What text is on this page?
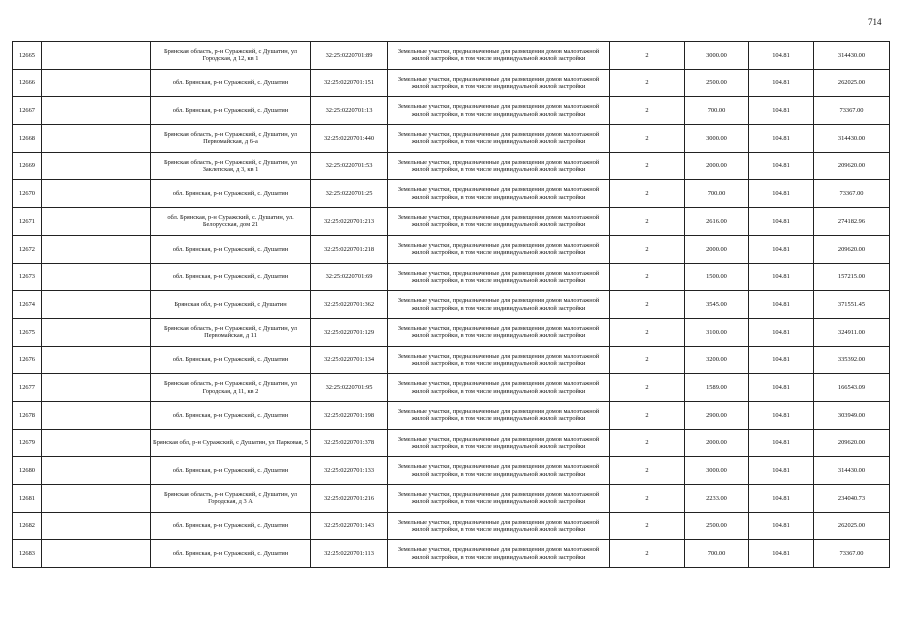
714
12665		Брянская область, р-н Суражский, с Душатин, ул Городская, д 12, кв 1	32:25:0220701:89	Земельные участки, предназначенные для размещения домов малоэтажной жилой застройки, в том числе индивидуальной жилой застройки	2	3000.00	104.81	314430.00
12666		обл. Брянская, р-н Суражский, с. Душатин	32:25:0220701:151	Земельные участки, предназначенные для размещения домов малоэтажной жилой застройки, в том числе индивидуальной жилой застройки	2	2500.00	104.81	262025.00
12667		обл. Брянская, р-н Суражский, с. Душатин	32:25:0220701:13	Земельные участки, предназначенные для размещения домов малоэтажной жилой застройки, в том числе индивидуальной жилой застройки	2	700.00	104.81	73367.00
12668		Брянская область, р-н Суражский, с Душатин, ул Первомайская, д 6-а	32:25:0220701:440	Земельные участки, предназначенные для размещения домов малоэтажной жилой застройки, в том числе индивидуальной жилой застройки	2	3000.00	104.81	314430.00
12669		Брянская область, р-н Суражский, с Душатин, ул Заклепская, д 3, кв 1	32:25:0220701:53	Земельные участки, предназначенные для размещения домов малоэтажной жилой застройки, в том числе индивидуальной жилой застройки	2	2000.00	104.81	209620.00
12670		обл. Брянская, р-н Суражский, с. Душатин	32:25:0220701:25	Земельные участки, предназначенные для размещения домов малоэтажной жилой застройки, в том числе индивидуальной жилой застройки	2	700.00	104.81	73367.00
12671		обл. Брянская, р-н Суражский, с. Душатин, ул. Белорусская, дом 21	32:25:0220701:213	Земельные участки, предназначенные для размещения домов малоэтажной жилой застройки, в том числе индивидуальной жилой застройки	2	2616.00	104.81	274182.96
12672		обл. Брянская, р-н Суражский, с. Душатин	32:25:0220701:218	Земельные участки, предназначенные для размещения домов малоэтажной жилой застройки, в том числе индивидуальной жилой застройки	2	2000.00	104.81	209620.00
12673		обл. Брянская, р-н Суражский, с. Душатин	32:25:0220701:69	Земельные участки, предназначенные для размещения домов малоэтажной жилой застройки, в том числе индивидуальной жилой застройки	2	1500.00	104.81	157215.00
12674		Брянская обл, р-н Суражский, с Душатин	32:25:0220701:362	Земельные участки, предназначенные для размещения домов малоэтажной жилой застройки, в том числе индивидуальной жилой застройки	2	3545.00	104.81	371551.45
12675		Брянская область, р-н Суражский, с Душатин, ул Первомайская, д 11	32:25:0220701:129	Земельные участки, предназначенные для размещения домов малоэтажной жилой застройки, в том числе индивидуальной жилой застройки	2	3100.00	104.81	324911.00
12676		обл. Брянская, р-н Суражский, с. Душатин	32:25:0220701:134	Земельные участки, предназначенные для размещения домов малоэтажной жилой застройки, в том числе индивидуальной жилой застройки	2	3200.00	104.81	335392.00
12677		Брянская область, р-н Суражский, с Душатин, ул Городская, д 11, кв 2	32:25:0220701:95	Земельные участки, предназначенные для размещения домов малоэтажной жилой застройки, в том числе индивидуальной жилой застройки	2	1589.00	104.81	166543.09
12678		обл. Брянская, р-н Суражский, с. Душатин	32:25:0220701:198	Земельные участки, предназначенные для размещения домов малоэтажной жилой застройки, в том числе индивидуальной жилой застройки	2	2900.00	104.81	303949.00
12679		Брянская обл, р-н Суражский, с Душатин, ул Парковая, 5	32:25:0220701:378	Земельные участки, предназначенные для размещения домов малоэтажной жилой застройки, в том числе индивидуальной жилой застройки	2	2000.00	104.81	209620.00
12680		обл. Брянская, р-н Суражский, с. Душатин	32:25:0220701:133	Земельные участки, предназначенные для размещения домов малоэтажной жилой застройки, в том числе индивидуальной жилой застройки	2	3000.00	104.81	314430.00
12681		Брянская область, р-н Суражский, с Душатин, ул Городская, д 3 А	32:25:0220701:216	Земельные участки, предназначенные для размещения домов малоэтажной жилой застройки, в том числе индивидуальной жилой застройки	2	2233.00	104.81	234040.73
12682		обл. Брянская, р-н Суражский, с. Душатин	32:25:0220701:143	Земельные участки, предназначенные для размещения домов малоэтажной жилой застройки, в том числе индивидуальной жилой застройки	2	2500.00	104.81	262025.00
12683		обл. Брянская, р-н Суражский, с. Душатин	32:25:0220701:113	Земельные участки, предназначенные для размещения домов малоэтажной жилой застройки, в том числе индивидуальной жилой застройки	2	700.00	104.81	73367.00
